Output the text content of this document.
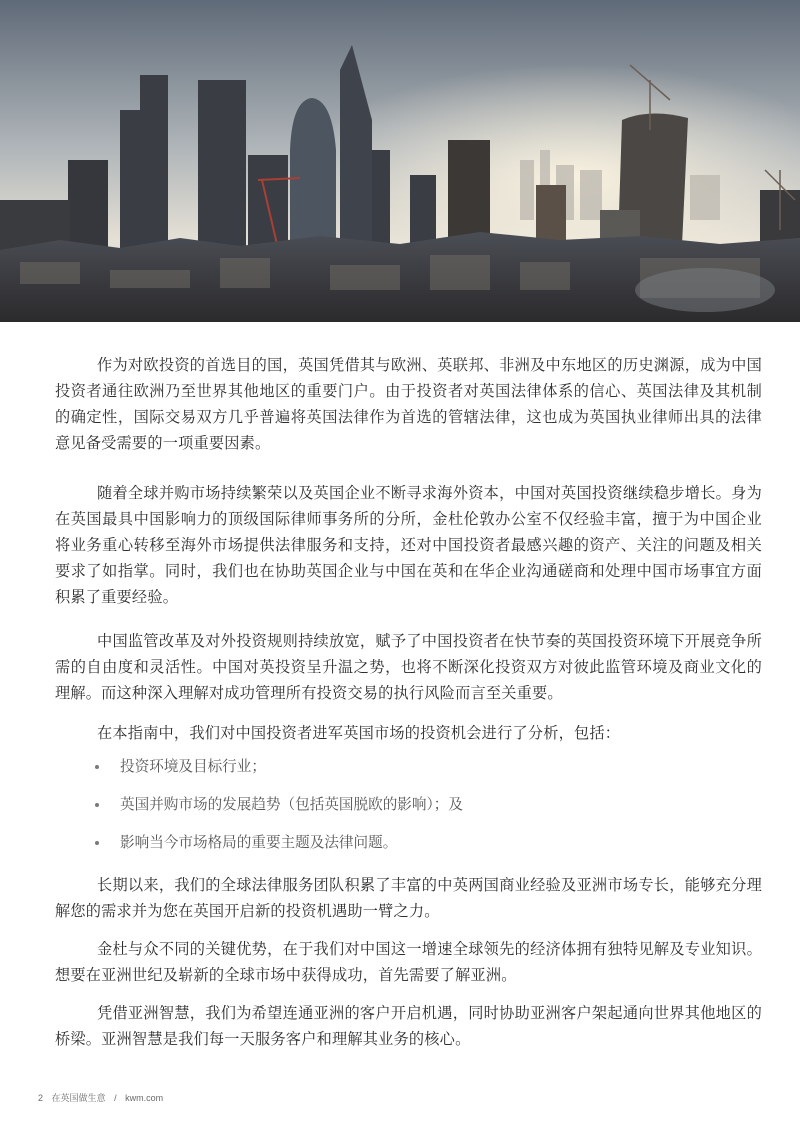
作为对欧投资的首选目的国，英国凭借其与欧洲、英联邦、非洲及中东地区的历史渊源，成为中国投资者通往欧洲乃至世界其他地区的重要门户。由于投资者对英国法律体系的信心、英国法律及其机制的确定性，国际交易双方几乎普遍将英国法律作为首选的管辖法律，这也成为英国执业律师出具的法律意见备受需要的一项重要因素。

随着全球并购市场持续繁荣以及英国企业不断寻求海外资本，中国对英国投资继续稳步增长。身为在英国最具中国影响力的顶级国际律师事务所的分所，金杜伦敦办公室不仅经验丰富，擅于为中国企业将业务重心转移至海外市场提供法律服务和支持，还对中国投资者最感兴趣的资产、关注的问题及相关要求了如指掌。同时，我们也在协助英国企业与中国在英和在华企业沟通磋商和处理中国市场事宜方面积累了重要经验。

中国监管改革及对外投资规则持续放宽，赋予了中国投资者在快节奏的英国投资环境下开展竞争所需的自由度和灵活性。中国对英投资呈升温之势，也将不断深化投资双方对彼此监管环境及商业文化的理解。而这种深入理解对成功管理所有投资交易的执行风险而言至关重要。

在本指南中，我们对中国投资者进军英国市场的投资机会进行了分析，包括：

投资环境及目标行业；
英国并购市场的发展趋势（包括英国脱欧的影响）；及
影响当今市场格局的重要主题及法律问题。

长期以来，我们的全球法律服务团队积累了丰富的中英两国商业经验及亚洲市场专长，能够充分理解您的需求并为您在英国开启新的投资机遇助一臂之力。

金杜与众不同的关键优势，在于我们对中国这一增速全球领先的经济体拥有独特见解及专业知识。想要在亚洲世纪及崭新的全球市场中获得成功，首先需要了解亚洲。

凭借亚洲智慧，我们为希望连通亚洲的客户开启机遇，同时协助亚洲客户架起通向世界其他地区的桥梁。亚洲智慧是我们每一天服务客户和理解其业务的核心。

2 在英国做生意 / kwm.com
